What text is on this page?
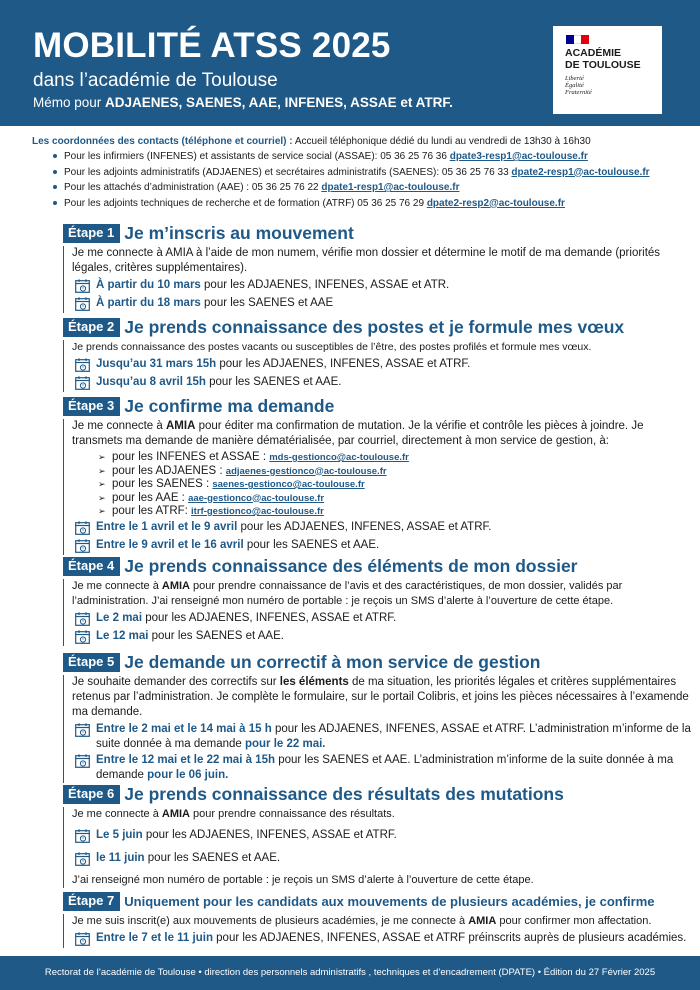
MOBILITÉ ATSS 2025
dans l’académie de Toulouse
Mémo pour ADJAENES, SAENES, AAE, INFENES, ASSAE et ATRF.
ACADÉMIE
DE TOULOUSE
Liberté
Égalité
Fraternité
Les coordonnées des contacts (téléphone et courriel) : Accueil téléphonique dédié du lundi au vendredi de 13h30 à 16h30
Pour les infirmiers (INFENES) et assistants de service social (ASSAE): 05 36 25 76 36 dpate3-resp1@ac-toulouse.fr
Pour les adjoints administratifs (ADJAENES) et secrétaires administratifs (SAENES): 05 36 25 76 33 dpate2-resp1@ac-toulouse.fr
Pour les attachés d’administration (AAE) : 05 36 25 76 22 dpate1-resp1@ac-toulouse.fr
Pour les adjoints techniques de recherche et de formation (ATRF) 05 36 25 76 29 dpate2-resp2@ac-toulouse.fr
Étape 1 Je m’inscris au mouvement

Je me connecte à AMIA à l’aide de mon numem, vérifie mon dossier et détermine le motif de ma demande (priorités légales, critères supplémentaires).

À partir du 10 mars pour les ADJAENES, INFENES, ASSAE et ATR.
À partir du 18 mars pour les SAENES et AAE
Étape 2 Je prends connaissance des postes et je formule mes vœux

Je prends connaissance des postes vacants ou susceptibles de l’être, des postes profilés et formule mes vœux.

Jusqu’au 31 mars 15h pour les ADJAENES, INFENES, ASSAE et ATRF.
Jusqu’au 8 avril 15h pour les SAENES et AAE.
Étape 3 Je confirme ma demande

Je me connecte à AMIA pour éditer ma confirmation de mutation. Je la vérifie et contrôle les pièces à joindre. Je transmets ma demande de manière dématérialisée, par courriel, directement à mon service de gestion, à:

➢ pour les INFENES et ASSAE : mds-gestionco@ac-toulouse.fr
➢ pour les ADJAENES : adjaenes-gestionco@ac-toulouse.fr
➢ pour les SAENES : saenes-gestionco@ac-toulouse.fr
➢ pour les AAE : aae-gestionco@ac-toulouse.fr
➢ pour les ATRF: itrf-gestionco@ac-toulouse.fr
Entre le 1 avril et le 9 avril pour les ADJAENES, INFENES, ASSAE et ATRF.
Entre le 9 avril et le 16 avril pour les SAENES et AAE.
Étape 4 Je prends connaissance des éléments de mon dossier

Je me connecte à AMIA pour prendre connaissance de l’avis et des caractéristiques, de mon dossier, validés par l’administration. J’ai renseigné mon numéro de portable : je reçois un SMS d’alerte à l’ouverture de cette étape.

Le 2 mai pour les ADJAENES, INFENES, ASSAE et ATRF.
Le 12 mai pour les SAENES et AAE.
Étape 5 Je demande un correctif à mon service de gestion

Je souhaite demander des correctifs sur les éléments de ma situation, les priorités légales et critères supplémentaires retenus par l’administration. Je complète le formulaire, sur le portail Colibris, et joins les pièces nécessaires à l’examende ma demande.

Entre le 2 mai et le 14 mai à 15 h pour les ADJAENES, INFENES, ASSAE et ATRF. L’administration m’informe de la suite donnée à ma demande pour le 22 mai.
Entre le 12 mai et le 22 mai à 15h pour les SAENES et AAE. L’administration m’informe de la suite donnée à ma demande pour le 06 juin.
Étape 6 Je prends connaissance des résultats des mutations

Je me connecte à AMIA pour prendre connaissance des résultats.

Le 5 juin pour les ADJAENES, INFENES, ASSAE et ATRF.
le 11 juin pour les SAENES et AAE.

J’ai renseigné mon numéro de portable : je reçois un SMS d’alerte à l’ouverture de cette étape.

Étape 7 Uniquement pour les candidats aux mouvements de plusieurs académies, je confirme

Je me suis inscrit(e) aux mouvements de plusieurs académies, je me connecte à AMIA pour confirmer mon affectation.

Entre le 7 et le 11 juin pour les ADJAENES, INFENES, ASSAE et ATRF préinscrits auprès de plusieurs académies.
Rectorat de l’académie de Toulouse • direction des personnels administratifs , techniques et d’encadrement (DPATE) • Édition du 27 Février 2025
